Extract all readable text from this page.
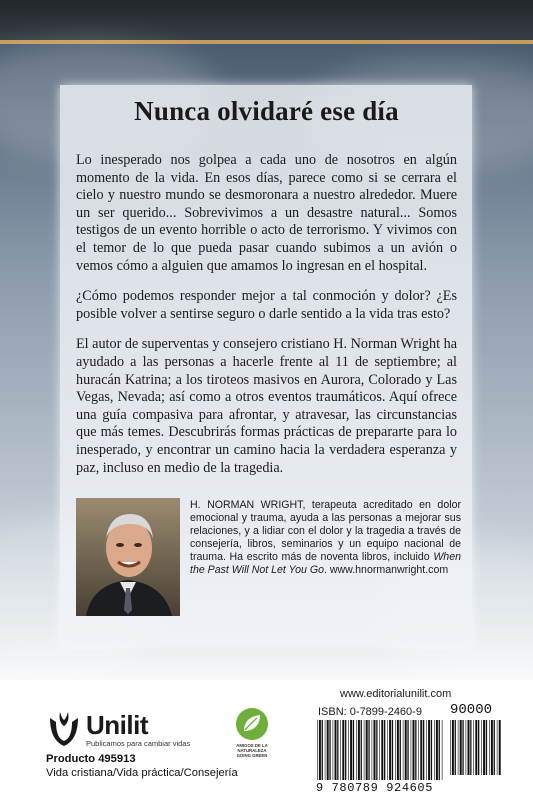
Nunca olvidaré ese día

Lo inesperado nos golpea a cada uno de nosotros en algún momento de la vida. En esos días, parece como si se cerrara el cielo y nuestro mundo se desmoronara a nuestro alrededor. Muere un ser querido... Sobrevivimos a un desastre natural... Somos testigos de un evento horrible o acto de terrorismo. Y vivimos con el temor de lo que pueda pasar cuando subimos a un avión o vemos cómo a alguien que amamos lo ingresan en el hospital.

¿Cómo podemos responder mejor a tal conmoción y dolor? ¿Es posible volver a sentirse seguro o darle sentido a la vida tras esto?

El autor de superventas y consejero cristiano H. Norman Wright ha ayudado a las personas a hacerle frente al 11 de septiembre; al huracán Katrina; a los tiroteos masivos en Aurora, Colorado y Las Vegas, Nevada; así como a otros eventos traumáticos. Aquí ofrece una guía compasiva para afrontar, y atravesar, las circunstancias que más temes. Descubrirás formas prácticas de prepararte para lo inesperado, y encontrar un camino hacia la verdadera esperanza y paz, incluso en medio de la tragedia.

H. NORMAN WRIGHT, terapeuta acreditado en dolor emocional y trauma, ayuda a las personas a mejorar sus relaciones, y a lidiar con el dolor y la tragedia a través de consejería, libros, seminarios y un equipo nacional de trauma. Ha escrito más de noventa libros, incluido When the Past Will Not Let You Go. www.hnormanwright.com
Unilit
Publicamos para cambiar vidas
Producto 495913
Vida cristiana/Vida práctica/Consejería
AMIGOS DE LA NATURALEZA
GOING GREEN
www.editorialunilit.com
ISBN: 0-7899-2460-9 90000
9 780789 924605
